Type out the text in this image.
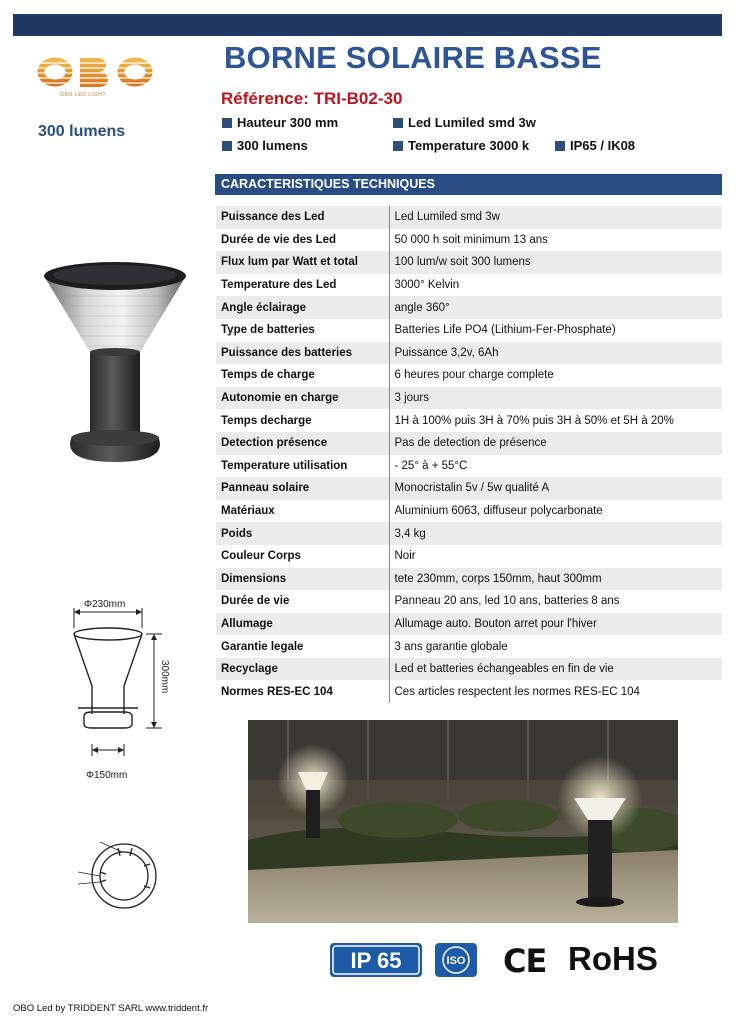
OBO LED LIGHT
300 lumens
BORNE SOLAIRE BASSE
Référence: TRI-B02-30
Hauteur 300 mm	Led Lumiled smd 3w
300 lumens	Temperature 3000 k	IP65 / IK08
CARACTERISTIQUES TECHNIQUES
Puissance des Led	Led Lumiled smd 3w
Durée de vie des Led	50 000 h soit minimum 13 ans
Flux lum par Watt et total	100 lum/w soit 300 lumens
Temperature des Led	3000° Kelvin
Angle éclairage	angle 360°
Type de batteries	Batteries Life PO4 (Lithium-Fer-Phosphate)
Puissance des batteries	Puissance 3,2v, 6Ah
Temps de charge	6 heures pour charge complete
Autonomie en charge	3 jours
Temps decharge	1H à 100% puis 3H à 70% puis 3H à 50% et 5H à 20%
Detection présence	Pas de detection de présence
Temperature utilisation	- 25° à + 55°C
Panneau solaire	Monocristalin 5v / 5w qualité A
Matériaux	Aluminium 6063, diffuseur polycarbonate
Poids	3,4 kg
Couleur Corps	Noir
Dimensions	tete 230mm, corps 150mm, haut 300mm
Durée de vie	Panneau 20 ans, led 10 ans, batteries 8 ans
Allumage	Allumage auto. Bouton arret pour l'hiver
Garantie legale	3 ans garantie globale
Recyclage	Led et batteries échangeables en fin de vie
Normes RES-EC 104	Ces articles respectent les normes RES-EC 104
Φ230mm
300mm
Φ150mm
IP 65	ISO CE RoHS
OBO Led by TRIDDENT SARL www.triddent.fr
